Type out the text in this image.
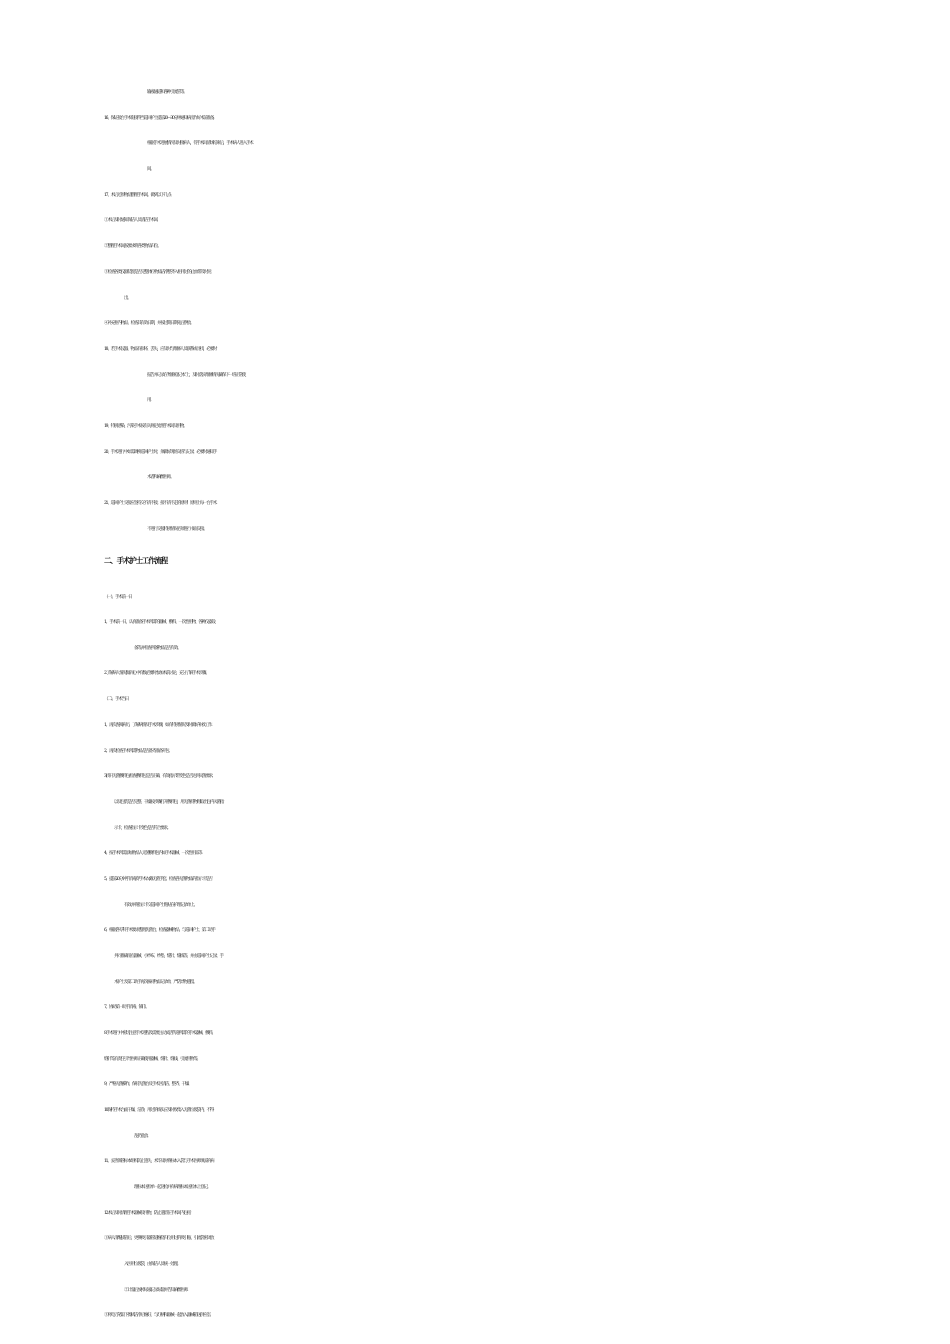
输液通道和各种引流管等。
16、保证接台手术衔接得当,巡回护士提前20—30分钟通知病房作好术前准备,
根据手术进展情况及时接病人，待手术间清场结束后，手术病人进入手术
间。
17、术后还原物品,整理手术间。做到以下几点:
① 术后及时通知保洁人员清洁手术间.
② 整理手术间,按要求将各类物品归位。
③ 检查各类仪器装置 是否完整,体位物品洁净整齐入柜,用过的止血带及时送
出。
④ 补充柜内物品，检查其有效日期，并按过期日期先后摆放。
18、若手术仪器、物品有损坏、丢失，应及时与维修人员联系或寻找，必要时
报告并记录在“维修登记本”上，及时落实维修情况,确保下一班正常使
用.
19、特别感染、污染手术按有关规定处理手术间及用物。
20、手术进行中如需调换巡回护士时，须做好现场交班与记录，必要时通知手
术者和麻醉医师。
21、巡回护士交接应坚持交不清不接；接不清不走的原则！原则上每一台手术
不进行交接,特别情况必须进行书面交接。
二、手术护士工作流程
（一）、手术前一日
1。 手术前一日，认真准备手术所需的器械、敷料、一次性用物、各种仪器设
备等,并检查所备物品是否有效。
2.了解病人情况,做到心中有数,必要时参加术前讨论，充分了解手术步骤。
（二）、手术当日
1。再次查阅病历，了解病情及手术步骤，如有特别情况及时做好补救工作.
2。再次检查手术所需物品是否备齐,准备开包.
3.找开无菌敷料包.检查敷料包是否正确、有效,指示带变色是否达到灭菌要求,
以及包装是否完整、干燥,按步骤打开敷料包，用无菌持物钳取出包内灭菌指
示卡，检查指示卡变色是否符合要求。
4。按手术所需添加物品人无菌敷料包内如手术器械、一次性用品等.
5。提前20分钟手消毒,穿手术衣,戴无菌手套，检查各无菌物品的指示卡是否
有效,并将指示卡交巡回护士粘贴在护理记录单上。
6。根据各专科手术要求,整理无菌台，检查器械物品，与巡回护士、第二助手
共同准确清点器械、小纱布、纱垫、缝针、缝线等，并由巡回护士记录，手
术护士及第二助手再次核对物品记录单，严防异物遗留。
7。协助第一助手消毒，铺巾。
8.手术进行中密切注意手术进程及需要,主动灵活传递所需的手术器械、敷料、
缝针等,有责任引导医师正确使用器械、缝针、缝线、引流用物等。
9。严格无菌操作，保持无菌台及手术区清洁、整齐、干燥.
10.保持手术台面干燥、洁净，用过的线头应及时收集入无菌垃圾袋内，不得
乱扔乱放.
11。妥善保管标本组织,防止遗失，术毕及时将标本入袋,与手术医师填妥的病
理标本送检单一起送检,并有病理标本送检本上登记。
12.术后及时清理手术器械及用物，防止遗留在手术间内.包括
① 病人清醒拔管后，更换吸引器管道缠绕归位,用过的吸引瓶、引流袋密闭放
入医用垃圾袋，由保洁人员统一处理。
② 计量后放掉尿液,记录尿量并告知麻醉医师.
③ 将电刀笔取下擦拭洁净后缠好，与灯柄和器械一起放入器械箱送供应室.
